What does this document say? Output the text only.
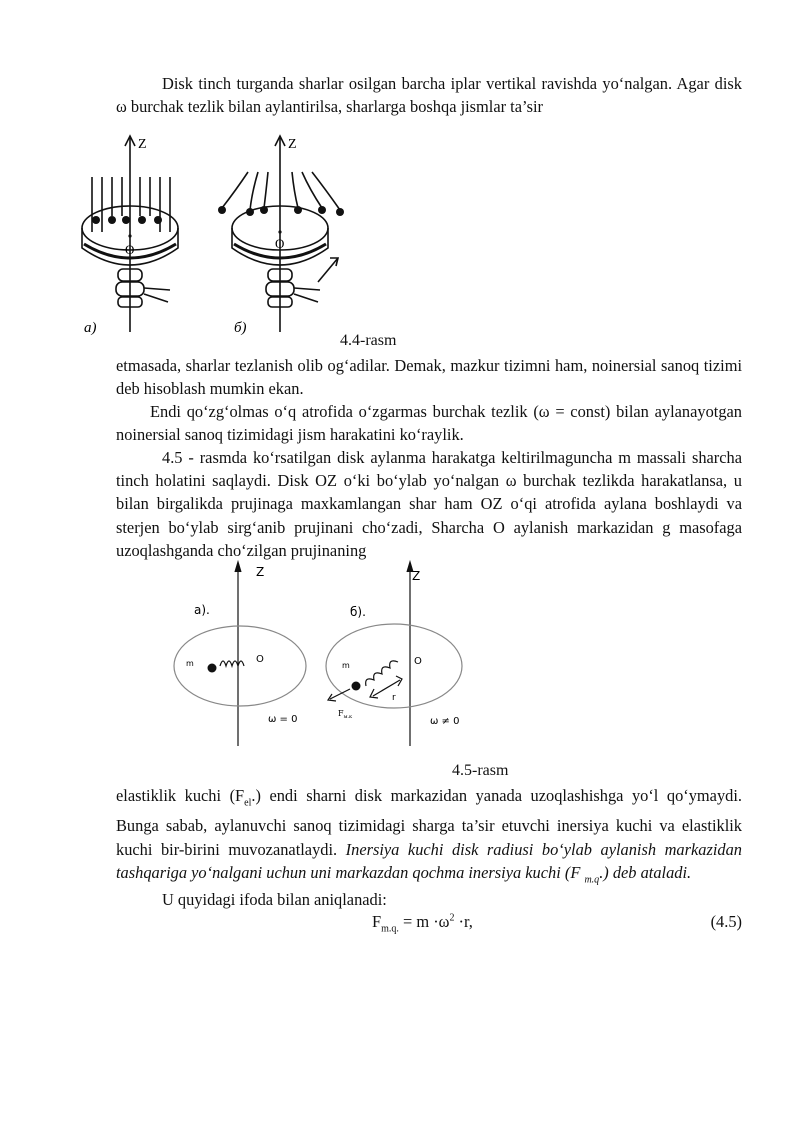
Disk tinch turganda sharlar osilgan barcha iplar vertikal ravishda yo‘nalgan. Agar disk ω burchak tezlik bilan aylantirilsa, sharlarga boshqa jismlar ta’sir

Z
O
a)
Z
O
б)

4.4-rasm

etmasada, sharlar tezlanish olib og‘adilar. Demak, mazkur tizimni ham, noinersial sanoq tizimi deb hisoblash mumkin ekan.

Endi qo‘zg‘olmas o‘q atrofida o‘zgarmas burchak tezlik (ω = const) bilan aylanayotgan noinersial sanoq tizimidagi jism harakatini ko‘raylik.

4.5 - rasmda ko‘rsatilgan disk aylanma harakatga keltirilmaguncha m massali sharcha tinch holatini saqlaydi. Disk OZ o‘ki bo‘ylab yo‘nalgan ω burchak tezlikda harakatlansa, u bilan birgalikda prujinaga maxkamlangan shar ham OZ o‘qi atrofida aylana boshlaydi va sterjen bo‘ylab sirg‘anib prujinani cho‘zadi, Sharcha O aylanish markazidan g masofaga uzoqlashganda cho‘zilgan prujinaning

Z	Z
a).	б).
m	O
m	O
r
$F_{м.к}$
ω = 0	ω ≠ 0

4.5-rasm

elastiklik kuchi $(F_{el}.)$ endi sharni disk markazidan yanada uzoqlashishga yo‘l qo‘ymaydi. Bunga sabab, aylanuvchi sanoq tizimidagi sharga ta’sir etuvchi inersiya kuchi va elastiklik kuchi bir-birini muvozanatlaydi. Inersiya kuchi disk radiusi bo‘ylab aylanish markazidan tashqariga yo‘nalgani uchun uni markazdan qochma inersiya kuchi (F $_{m.q}$.) deb ataladi.

U quyidagi ifoda bilan aniqlanadi:

$F_{m.q.} = m \cdot\omega^2 \cdot r$,	(4.5)
